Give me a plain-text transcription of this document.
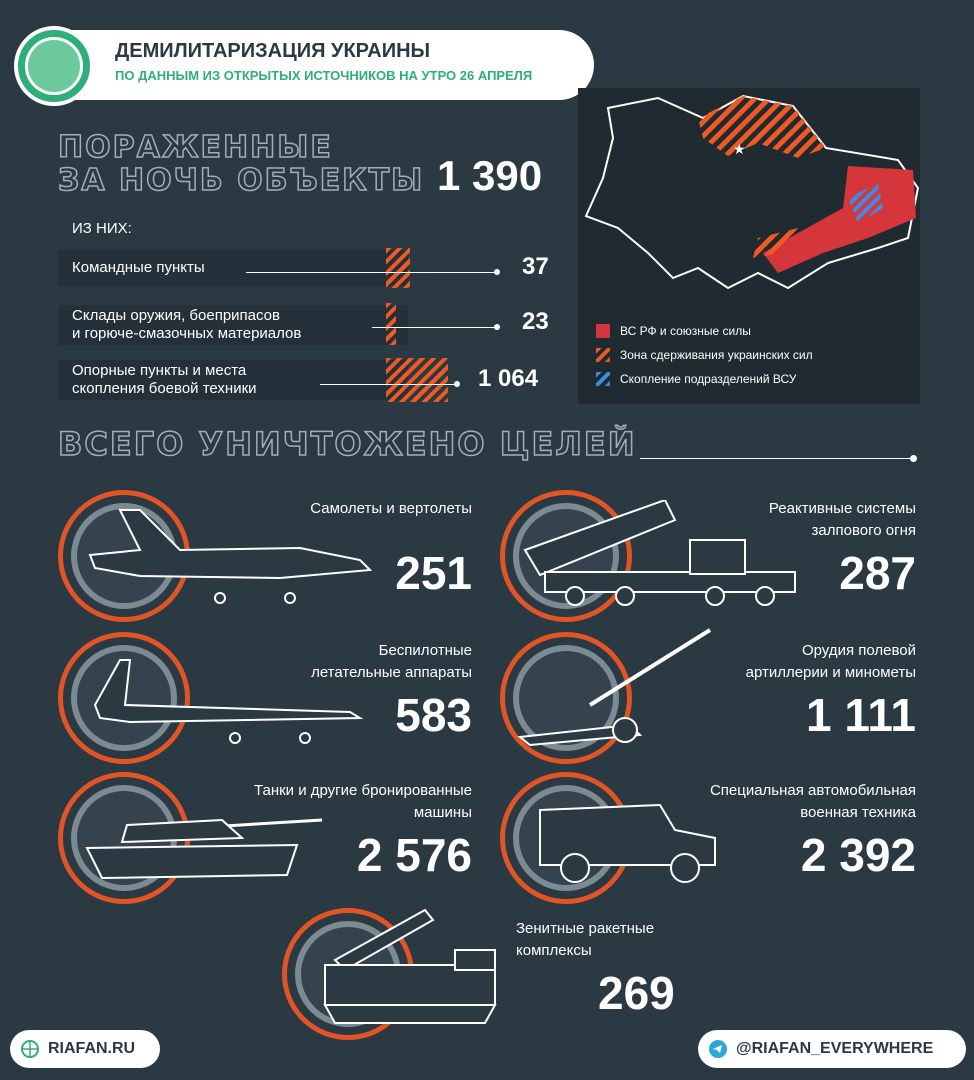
ДЕМИЛИТАРИЗАЦИЯ УКРАИНЫ
ПО ДАННЫМ ИЗ ОТКРЫТЫХ ИСТОЧНИКОВ НА УТРО 26 АПРЕЛЯ
ПОРАЖЕННЫЕ
ЗА НОЧЬ ОБЪЕКТЫ 1 390
ИЗ НИХ:
Командные пункты	37
Склады оружия, боеприпасов
и горюче-смазочных материалов	23
Опорные пункты и места
скопления боевой техники	1 064
★
ВС РФ и союзные силы
Зона сдерживания украинских сил
Скопление подразделений ВСУ
ВСЕГО УНИЧТОЖЕНО ЦЕЛЕЙ
Самолеты и вертолеты
251
Реактивные системы
залпового огня
287
Беспилотные
летательные аппараты
583
Орудия полевой
артиллерии и минометы
1 111
Танки и другие бронированные
машины
2 576
Специальная автомобильная
военная техника
2 392
Зенитные ракетные
комплексы
269
RIAFAN.RU	@RIAFAN_EVERYWHERE
